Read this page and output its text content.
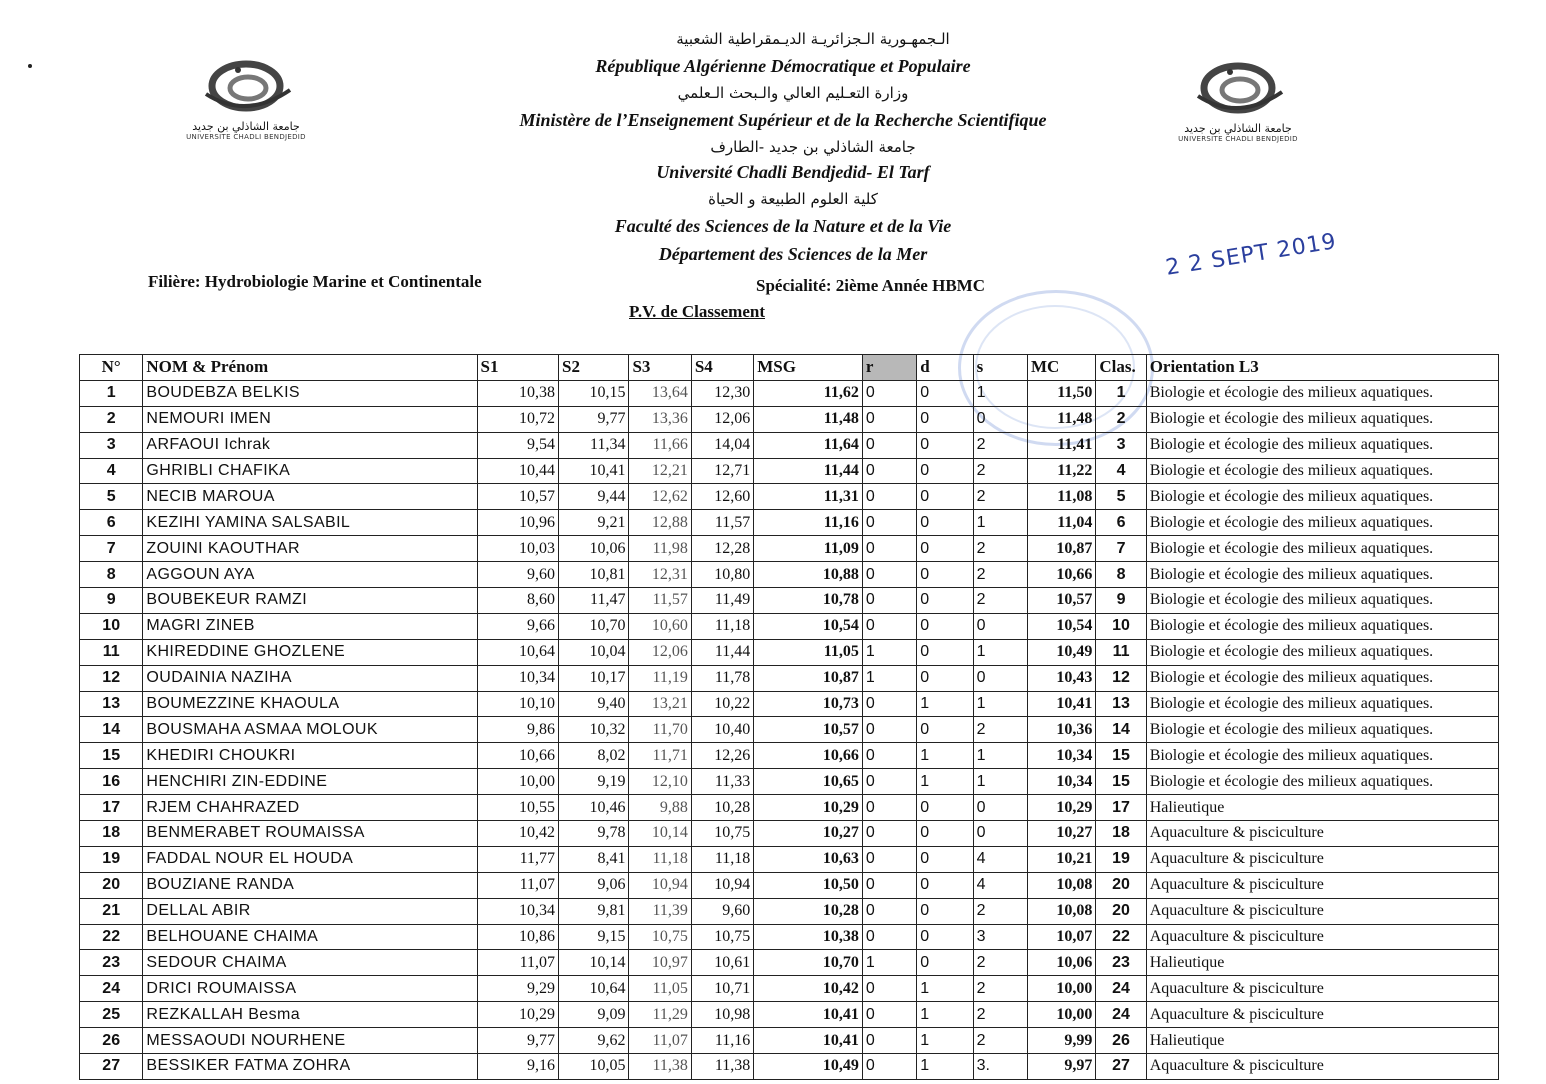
جامعة الشاذلي بن جديد
UNIVERSITE CHADLI BENDJEDID
جامعة الشاذلي بن جديد
UNIVERSITE CHADLI BENDJEDID
الـجمهـورية الـجزائريـة الديـمقراطية الشعبية
République Algérienne Démocratique et Populaire
وزارة التعـليم العالي والـبحث الـعلمي
Ministère de l’Enseignement Supérieur et de la Recherche Scientifique
جامعة الشاذلي بن جديد -الطارف
Université Chadli Bendjedid- El Tarf
كلية العلوم الطبيعة و الحياة
Faculté des Sciences de la Nature et de la Vie
Département des Sciences de la Mer
Filière: Hydrobiologie Marine et Continentale	Spécialité: 2ième Année HBMC
P.V. de Classement
2 2 SEPT 2019
N°	NOM & Prénom	S1	S2	S3	S4	MSG	r	d	s	MC	Clas.	Orientation L3
1	BOUDEBZA BELKIS	10,38	10,15	13,64	12,30	11,62	0	0	1	11,50	1	Biologie et écologie des milieux aquatiques.
2	NEMOURI IMEN	10,72	9,77	13,36	12,06	11,48	0	0	0	11,48	2	Biologie et écologie des milieux aquatiques.
3	ARFAOUI Ichrak	9,54	11,34	11,66	14,04	11,64	0	0	2	11,41	3	Biologie et écologie des milieux aquatiques.
4	GHRIBLI CHAFIKA	10,44	10,41	12,21	12,71	11,44	0	0	2	11,22	4	Biologie et écologie des milieux aquatiques.
5	NECIB MAROUA	10,57	9,44	12,62	12,60	11,31	0	0	2	11,08	5	Biologie et écologie des milieux aquatiques.
6	KEZIHI YAMINA SALSABIL	10,96	9,21	12,88	11,57	11,16	0	0	1	11,04	6	Biologie et écologie des milieux aquatiques.
7	ZOUINI KAOUTHAR	10,03	10,06	11,98	12,28	11,09	0	0	2	10,87	7	Biologie et écologie des milieux aquatiques.
8	AGGOUN AYA	9,60	10,81	12,31	10,80	10,88	0	0	2	10,66	8	Biologie et écologie des milieux aquatiques.
9	BOUBEKEUR RAMZI	8,60	11,47	11,57	11,49	10,78	0	0	2	10,57	9	Biologie et écologie des milieux aquatiques.
10	MAGRI ZINEB	9,66	10,70	10,60	11,18	10,54	0	0	0	10,54	10	Biologie et écologie des milieux aquatiques.
11	KHIREDDINE GHOZLENE	10,64	10,04	12,06	11,44	11,05	1	0	1	10,49	11	Biologie et écologie des milieux aquatiques.
12	OUDAINIA NAZIHA	10,34	10,17	11,19	11,78	10,87	1	0	0	10,43	12	Biologie et écologie des milieux aquatiques.
13	BOUMEZZINE KHAOULA	10,10	9,40	13,21	10,22	10,73	0	1	1	10,41	13	Biologie et écologie des milieux aquatiques.
14	BOUSMAHA ASMAA MOLOUK	9,86	10,32	11,70	10,40	10,57	0	0	2	10,36	14	Biologie et écologie des milieux aquatiques.
15	KHEDIRI CHOUKRI	10,66	8,02	11,71	12,26	10,66	0	1	1	10,34	15	Biologie et écologie des milieux aquatiques.
16	HENCHIRI ZIN-EDDINE	10,00	9,19	12,10	11,33	10,65	0	1	1	10,34	15	Biologie et écologie des milieux aquatiques.
17	RJEM CHAHRAZED	10,55	10,46	9,88	10,28	10,29	0	0	0	10,29	17	Halieutique
18	BENMERABET ROUMAISSA	10,42	9,78	10,14	10,75	10,27	0	0	0	10,27	18	Aquaculture & pisciculture
19	FADDAL NOUR EL HOUDA	11,77	8,41	11,18	11,18	10,63	0	0	4	10,21	19	Aquaculture & pisciculture
20	BOUZIANE RANDA	11,07	9,06	10,94	10,94	10,50	0	0	4	10,08	20	Aquaculture & pisciculture
21	DELLAL ABIR	10,34	9,81	11,39	9,60	10,28	0	0	2	10,08	20	Aquaculture & pisciculture
22	BELHOUANE CHAIMA	10,86	9,15	10,75	10,75	10,38	0	0	3	10,07	22	Aquaculture & pisciculture
23	SEDOUR CHAIMA	11,07	10,14	10,97	10,61	10,70	1	0	2	10,06	23	Halieutique
24	DRICI ROUMAISSA	9,29	10,64	11,05	10,71	10,42	0	1	2	10,00	24	Aquaculture & pisciculture
25	REZKALLAH Besma	10,29	9,09	11,29	10,98	10,41	0	1	2	10,00	24	Aquaculture & pisciculture
26	MESSAOUDI NOURHENE	9,77	9,62	11,07	11,16	10,41	0	1	2	9,99	26	Halieutique
27	BESSIKER FATMA ZOHRA	9,16	10,05	11,38	11,38	10,49	0	1	3.	9,97	27	Aquaculture & pisciculture
